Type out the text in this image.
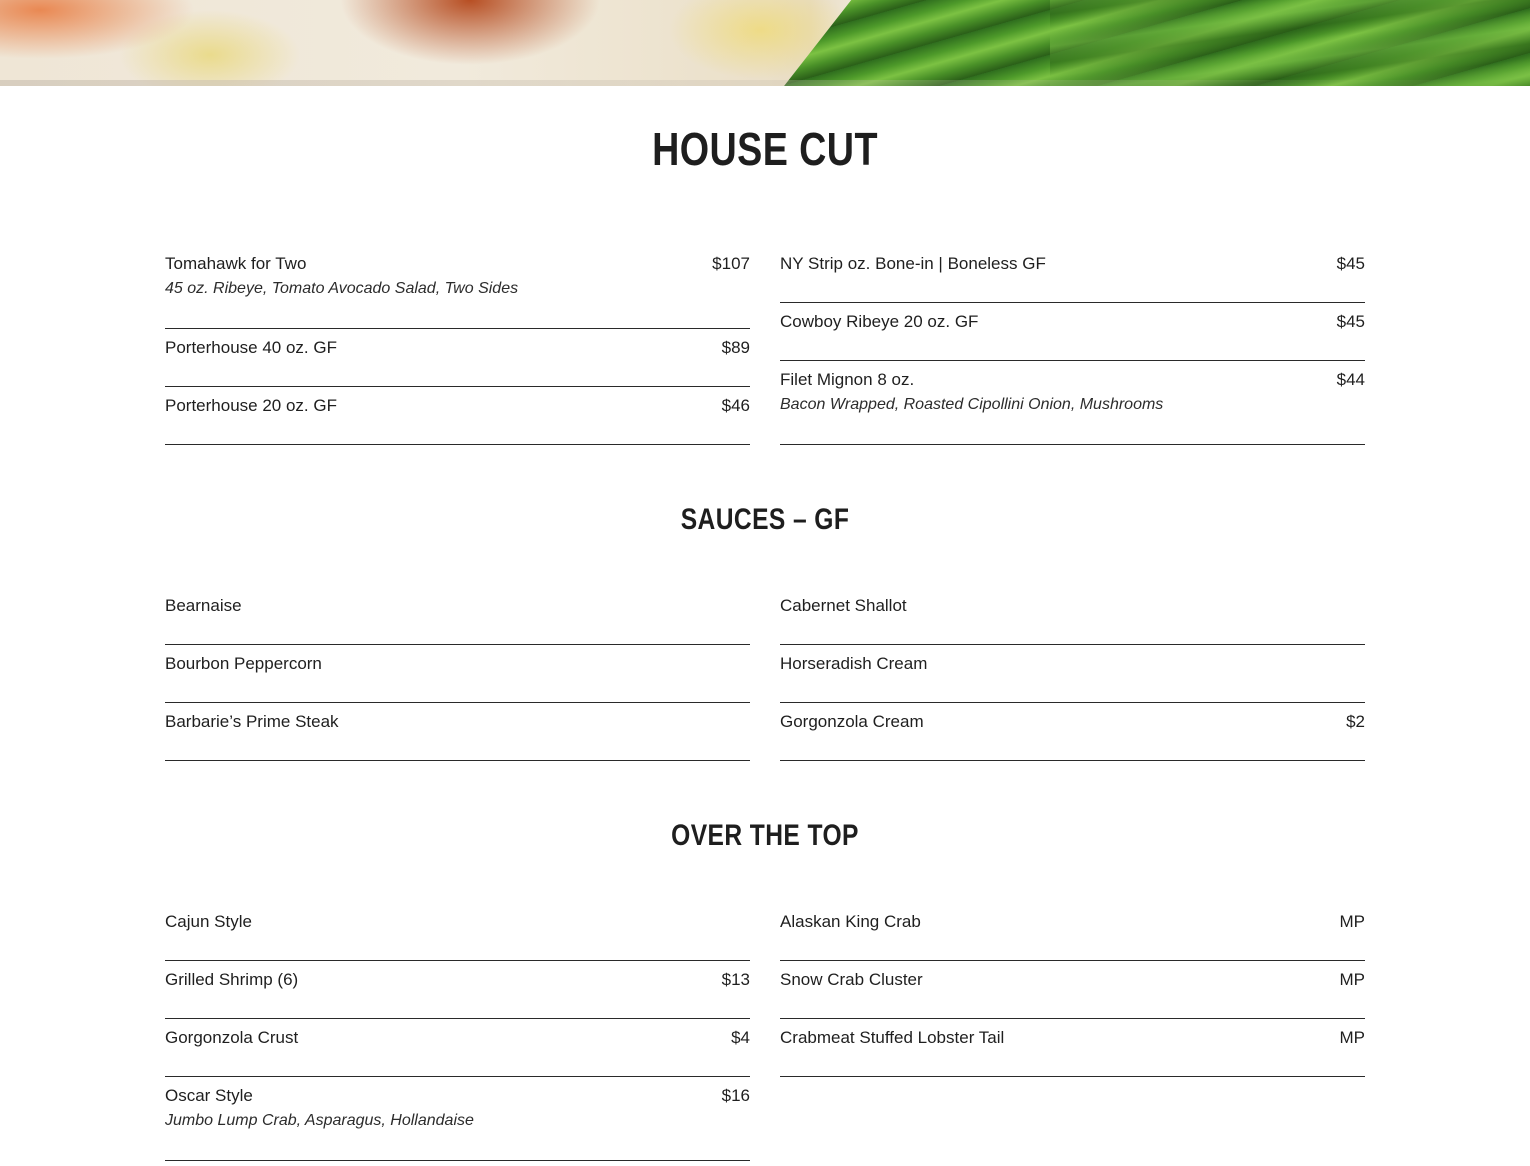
HOUSE CUT
Tomahawk for Two	$107
45 oz. Ribeye, Tomato Avocado Salad, Two Sides
Porterhouse 40 oz. GF	$89
Porterhouse 20 oz. GF	$46
NY Strip oz. Bone-in | Boneless GF	$45
Cowboy Ribeye 20 oz. GF	$45
Filet Mignon 8 oz.	$44
Bacon Wrapped, Roasted Cipollini Onion, Mushrooms
SAUCES – GF
Bearnaise
Bourbon Peppercorn
Barbarie’s Prime Steak
Cabernet Shallot
Horseradish Cream
Gorgonzola Cream	$2
OVER THE TOP
Cajun Style
Grilled Shrimp (6)	$13
Gorgonzola Crust	$4
Oscar Style	$16
Jumbo Lump Crab, Asparagus, Hollandaise
Alaskan King Crab	MP
Snow Crab Cluster	MP
Crabmeat Stuffed Lobster Tail	MP
